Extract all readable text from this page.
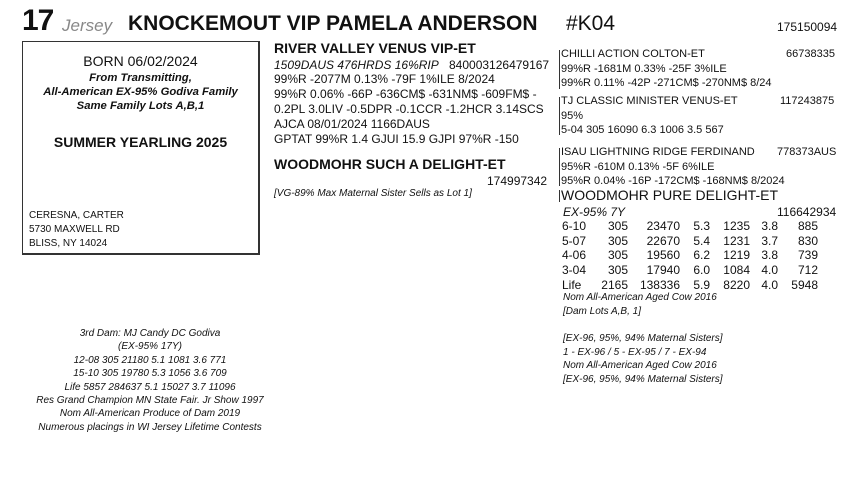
17 Jersey KNOCKEMOUT VIP PAMELA ANDERSON #K04	175150094
BORN 06/02/2024
From Transmitting,
All-American EX-95% Godiva Family
Same Family Lots A,B,1
SUMMER YEARLING 2025
CERESNA, CARTER
5730 MAXWELL RD
BLISS, NY 14024
RIVER VALLEY VENUS VIP-ET
1509DAUS 476HRDS 16%RIP 840003126479167
99%R -2077M 0.13% -79F 1%ILE 8/2024
99%R 0.06% -66P -636CM$ -631NM$ -609FM$ -
0.2PL 3.0LIV -0.5DPR -0.1CCR -1.2HCR 3.14SCS
AJCA 08/01/2024 1166DAUS
GPTAT 99%R 1.4 GJUI 15.9 GJPI 97%R -150
WOODMOHR SUCH A DELIGHT-ET
174997342
[VG-89% Max Maternal Sister Sells as Lot 1]
CHILLI ACTION COLTON-ET	66738335
99%R -1681M 0.33% -25F 3%ILE
99%R 0.11% -42P -271CM$ -270NM$ 8/24
TJ CLASSIC MINISTER VENUS-ET	117243875
95%
5-04 305 16090 6.3 1006 3.5 567
ISAU LIGHTNING RIDGE FERDINAND 778373AUS
95%R -610M 0.13% -5F 6%ILE
95%R 0.04% -16P -172CM$ -168NM$ 8/2024
WOODMOHR PURE DELIGHT-ET
EX-95% 7Y	116642934
6-10	305	23470	5.3	1235 3.8	885
5-07	305	22670	5.4	1231 3.7	830
4-06	305	19560	6.2	1219 3.8	739
3-04	305	17940	6.0	1084 4.0	712
Life	2165 138336	5.9	8220 4.0	5948
Nom All-American Aged Cow 2016
[Dam Lots A,B, 1]
[EX-96, 95%, 94% Maternal Sisters]
1 - EX-96 / 5 - EX-95 / 7 - EX-94
Nom All-American Aged Cow 2016
[EX-96, 95%, 94% Maternal Sisters]
3rd Dam: MJ Candy DC Godiva
(EX-95% 17Y)
12-08 305 21180 5.1 1081 3.6 771
15-10 305 19780 5.3 1056 3.6 709
Life 5857 284637 5.1 15027 3.7 11096
Res Grand Champion MN State Fair. Jr Show 1997
Nom All-American Produce of Dam 2019
Numerous placings in WI Jersey Lifetime Contests
